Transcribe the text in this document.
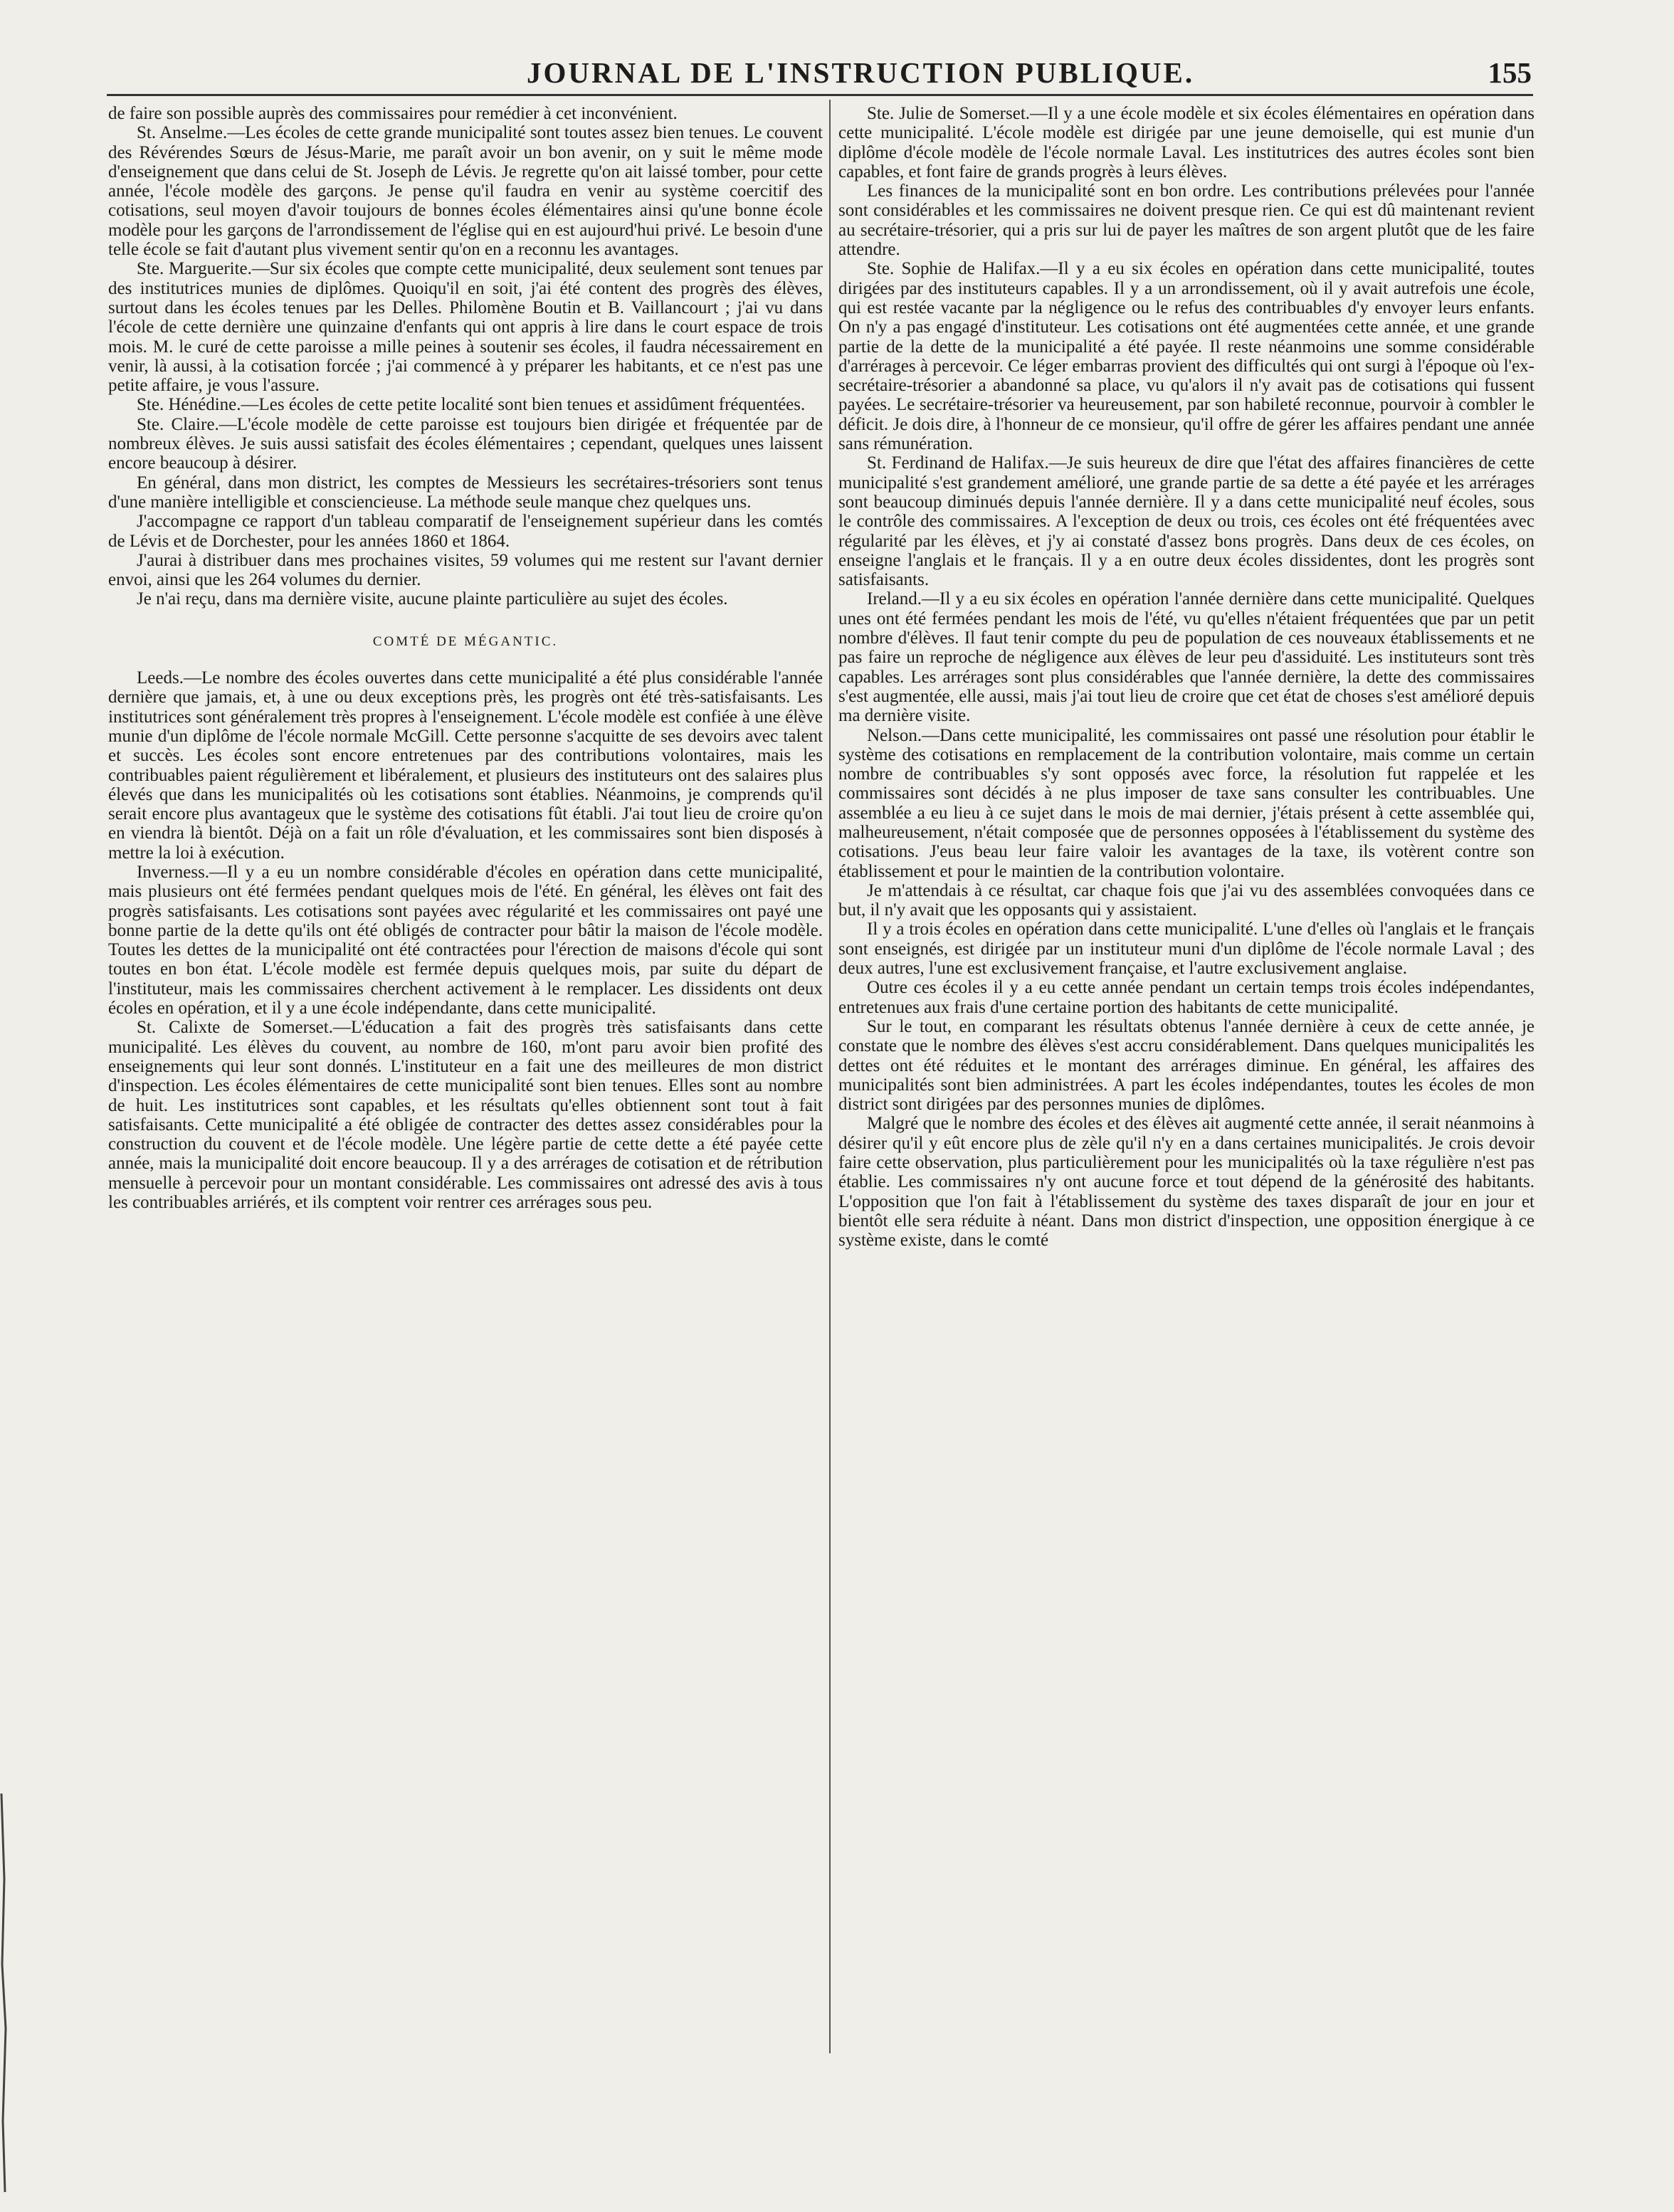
JOURNAL DE L'INSTRUCTION PUBLIQUE.	155

de faire son possible auprès des commissaires pour remédier à cet inconvénient.

St. Anselme.—Les écoles de cette grande municipalité sont toutes assez bien tenues. Le couvent des Révérendes Sœurs de Jésus-Marie, me paraît avoir un bon avenir, on y suit le même mode d'enseignement que dans celui de St. Joseph de Lévis. Je regrette qu'on ait laissé tomber, pour cette année, l'école modèle des garçons. Je pense qu'il faudra en venir au système coercitif des cotisations, seul moyen d'avoir toujours de bonnes écoles élémentaires ainsi qu'une bonne école modèle pour les garçons de l'arrondissement de l'église qui en est aujourd'hui privé. Le besoin d'une telle école se fait d'autant plus vivement sentir qu'on en a reconnu les avantages.

Ste. Marguerite.—Sur six écoles que compte cette municipalité, deux seulement sont tenues par des institutrices munies de diplômes. Quoiqu'il en soit, j'ai été content des progrès des élèves, surtout dans les écoles tenues par les Delles. Philomène Boutin et B. Vaillancourt ; j'ai vu dans l'école de cette dernière une quinzaine d'enfants qui ont appris à lire dans le court espace de trois mois. M. le curé de cette paroisse a mille peines à soutenir ses écoles, il faudra nécessairement en venir, là aussi, à la cotisation forcée ; j'ai commencé à y préparer les habitants, et ce n'est pas une petite affaire, je vous l'assure.

Ste. Hénédine.—Les écoles de cette petite localité sont bien tenues et assidûment fréquentées.

Ste. Claire.—L'école modèle de cette paroisse est toujours bien dirigée et fréquentée par de nombreux élèves. Je suis aussi satisfait des écoles élémentaires ; cependant, quelques unes laissent encore beaucoup à désirer.

En général, dans mon district, les comptes de Messieurs les secrétaires-trésoriers sont tenus d'une manière intelligible et consciencieuse. La méthode seule manque chez quelques uns.

J'accompagne ce rapport d'un tableau comparatif de l'enseignement supérieur dans les comtés de Lévis et de Dorchester, pour les années 1860 et 1864.

J'aurai à distribuer dans mes prochaines visites, 59 volumes qui me restent sur l'avant dernier envoi, ainsi que les 264 volumes du dernier.

Je n'ai reçu, dans ma dernière visite, aucune plainte particulière au sujet des écoles.

COMTÉ DE MÉGANTIC.

Leeds.—Le nombre des écoles ouvertes dans cette municipalité a été plus considérable l'année dernière que jamais, et, à une ou deux exceptions près, les progrès ont été très-satisfaisants. Les institutrices sont généralement très propres à l'enseignement. L'école modèle est confiée à une élève munie d'un diplôme de l'école normale McGill. Cette personne s'acquitte de ses devoirs avec talent et succès. Les écoles sont encore entretenues par des contributions volontaires, mais les contribuables paient régulièrement et libéralement, et plusieurs des instituteurs ont des salaires plus élevés que dans les municipalités où les cotisations sont établies. Néanmoins, je comprends qu'il serait encore plus avantageux que le système des cotisations fût établi. J'ai tout lieu de croire qu'on en viendra là bientôt. Déjà on a fait un rôle d'évaluation, et les commissaires sont bien disposés à mettre la loi à exécution.

Inverness.—Il y a eu un nombre considérable d'écoles en opération dans cette municipalité, mais plusieurs ont été fermées pendant quelques mois de l'été. En général, les élèves ont fait des progrès satisfaisants. Les cotisations sont payées avec régularité et les commissaires ont payé une bonne partie de la dette qu'ils ont été obligés de contracter pour bâtir la maison de l'école modèle. Toutes les dettes de la municipalité ont été contractées pour l'érection de maisons d'école qui sont toutes en bon état. L'école modèle est fermée depuis quelques mois, par suite du départ de l'instituteur, mais les commissaires cherchent activement à le remplacer. Les dissidents ont deux écoles en opération, et il y a une école indépendante, dans cette municipalité.

St. Calixte de Somerset.—L'éducation a fait des progrès très satisfaisants dans cette municipalité. Les élèves du couvent, au nombre de 160, m'ont paru avoir bien profité des enseignements qui leur sont donnés. L'instituteur en a fait une des meilleures de mon district d'inspection. Les écoles élémentaires de cette municipalité sont bien tenues. Elles sont au nombre de huit. Les institutrices sont capables, et les résultats qu'elles obtiennent sont tout à fait satisfaisants. Cette municipalité a été obligée de contracter des dettes assez considérables pour la construction du couvent et de l'école modèle. Une légère partie de cette dette a été payée cette année, mais la municipalité doit encore beaucoup. Il y a des arrérages de cotisation et de rétribution mensuelle à percevoir pour un montant considérable. Les commissaires ont adressé des avis à tous les contribuables arriérés, et ils comptent voir rentrer ces arrérages sous peu.

Ste. Julie de Somerset.—Il y a une école modèle et six écoles élémentaires en opération dans cette municipalité. L'école modèle est dirigée par une jeune demoiselle, qui est munie d'un diplôme d'école modèle de l'école normale Laval. Les institutrices des autres écoles sont bien capables, et font faire de grands progrès à leurs élèves.

Les finances de la municipalité sont en bon ordre. Les contributions prélevées pour l'année sont considérables et les commissaires ne doivent presque rien. Ce qui est dû maintenant revient au secrétaire-trésorier, qui a pris sur lui de payer les maîtres de son argent plutôt que de les faire attendre.

Ste. Sophie de Halifax.—Il y a eu six écoles en opération dans cette municipalité, toutes dirigées par des instituteurs capables. Il y a un arrondissement, où il y avait autrefois une école, qui est restée vacante par la négligence ou le refus des contribuables d'y envoyer leurs enfants. On n'y a pas engagé d'instituteur. Les cotisations ont été augmentées cette année, et une grande partie de la dette de la municipalité a été payée. Il reste néanmoins une somme considérable d'arrérages à percevoir. Ce léger embarras provient des difficultés qui ont surgi à l'époque où l'ex-secrétaire-trésorier a abandonné sa place, vu qu'alors il n'y avait pas de cotisations qui fussent payées. Le secrétaire-trésorier va heureusement, par son habileté reconnue, pourvoir à combler le déficit. Je dois dire, à l'honneur de ce monsieur, qu'il offre de gérer les affaires pendant une année sans rémunération.

St. Ferdinand de Halifax.—Je suis heureux de dire que l'état des affaires financières de cette municipalité s'est grandement amélioré, une grande partie de sa dette a été payée et les arrérages sont beaucoup diminués depuis l'année dernière. Il y a dans cette municipalité neuf écoles, sous le contrôle des commissaires. A l'exception de deux ou trois, ces écoles ont été fréquentées avec régularité par les élèves, et j'y ai constaté d'assez bons progrès. Dans deux de ces écoles, on enseigne l'anglais et le français. Il y a en outre deux écoles dissidentes, dont les progrès sont satisfaisants.

Ireland.—Il y a eu six écoles en opération l'année dernière dans cette municipalité. Quelques unes ont été fermées pendant les mois de l'été, vu qu'elles n'étaient fréquentées que par un petit nombre d'élèves. Il faut tenir compte du peu de population de ces nouveaux établissements et ne pas faire un reproche de négligence aux élèves de leur peu d'assiduité. Les instituteurs sont très capables. Les arrérages sont plus considérables que l'année dernière, la dette des commissaires s'est augmentée, elle aussi, mais j'ai tout lieu de croire que cet état de choses s'est amélioré depuis ma dernière visite.

Nelson.—Dans cette municipalité, les commissaires ont passé une résolution pour établir le système des cotisations en remplacement de la contribution volontaire, mais comme un certain nombre de contribuables s'y sont opposés avec force, la résolution fut rappelée et les commissaires sont décidés à ne plus imposer de taxe sans consulter les contribuables. Une assemblée a eu lieu à ce sujet dans le mois de mai dernier, j'étais présent à cette assemblée qui, malheureusement, n'était composée que de personnes opposées à l'établissement du système des cotisations. J'eus beau leur faire valoir les avantages de la taxe, ils votèrent contre son établissement et pour le maintien de la contribution volontaire.

Je m'attendais à ce résultat, car chaque fois que j'ai vu des assemblées convoquées dans ce but, il n'y avait que les opposants qui y assistaient.

Il y a trois écoles en opération dans cette municipalité. L'une d'elles où l'anglais et le français sont enseignés, est dirigée par un instituteur muni d'un diplôme de l'école normale Laval ; des deux autres, l'une est exclusivement française, et l'autre exclusivement anglaise.

Outre ces écoles il y a eu cette année pendant un certain temps trois écoles indépendantes, entretenues aux frais d'une certaine portion des habitants de cette municipalité.

Sur le tout, en comparant les résultats obtenus l'année dernière à ceux de cette année, je constate que le nombre des élèves s'est accru considérablement. Dans quelques municipalités les dettes ont été réduites et le montant des arrérages diminue. En général, les affaires des municipalités sont bien administrées. A part les écoles indépendantes, toutes les écoles de mon district sont dirigées par des personnes munies de diplômes.

Malgré que le nombre des écoles et des élèves ait augmenté cette année, il serait néanmoins à désirer qu'il y eût encore plus de zèle qu'il n'y en a dans certaines municipalités. Je crois devoir faire cette observation, plus particulièrement pour les municipalités où la taxe régulière n'est pas établie. Les commissaires n'y ont aucune force et tout dépend de la générosité des habitants. L'opposition que l'on fait à l'établissement du système des taxes disparaît de jour en jour et bientôt elle sera réduite à néant. Dans mon district d'inspection, une opposition énergique à ce système existe, dans le comté
